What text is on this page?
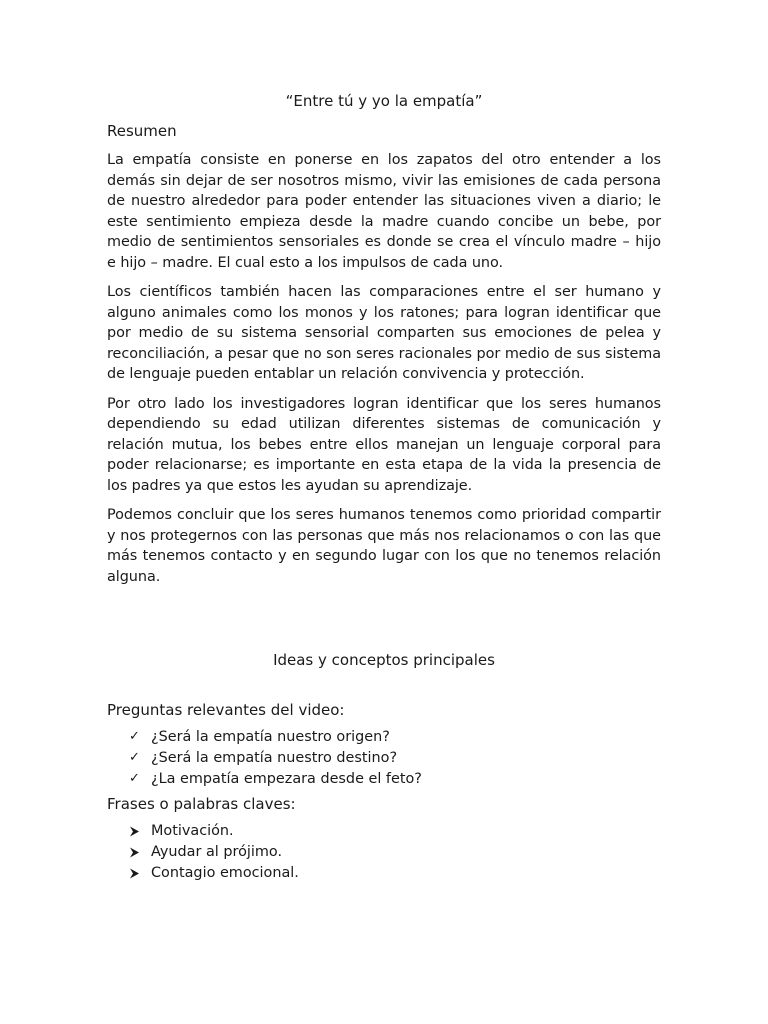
“Entre tú y yo la empatía”
Resumen

La empatía consiste en ponerse en los zapatos del otro entender a los demás sin dejar de ser nosotros mismo, vivir las emisiones de cada persona de nuestro alrededor para poder entender las situaciones viven a diario; le este sentimiento empieza desde la madre cuando concibe un bebe, por medio de sentimientos sensoriales es donde se crea el vínculo madre – hijo e hijo – madre. El cual esto a los impulsos de cada uno.

Los científicos también hacen las comparaciones entre el ser humano y alguno animales como los monos y los ratones; para logran identificar que por medio de su sistema sensorial comparten sus emociones de pelea y reconciliación, a pesar que no son seres racionales por medio de sus sistema de lenguaje pueden entablar un relación convivencia y protección.

Por otro lado los investigadores logran identificar que los seres humanos dependiendo su edad utilizan diferentes sistemas de comunicación y relación mutua, los bebes entre ellos manejan un lenguaje corporal para poder relacionarse; es importante en esta etapa de la vida la presencia de los padres ya que estos les ayudan su aprendizaje.

Podemos concluir que los seres humanos tenemos como prioridad compartir y nos protegernos con las personas que más nos relacionamos o con las que más tenemos contacto y en segundo lugar con los que no tenemos relación alguna.

Ideas y conceptos principales
Preguntas relevantes del video:
✓ ¿Será la empatía nuestro origen?
✓ ¿Será la empatía nuestro destino?
✓ ¿La empatía empezara desde el feto?
Frases o palabras claves:
Motivación.
Ayudar al prójimo.
Contagio emocional.
